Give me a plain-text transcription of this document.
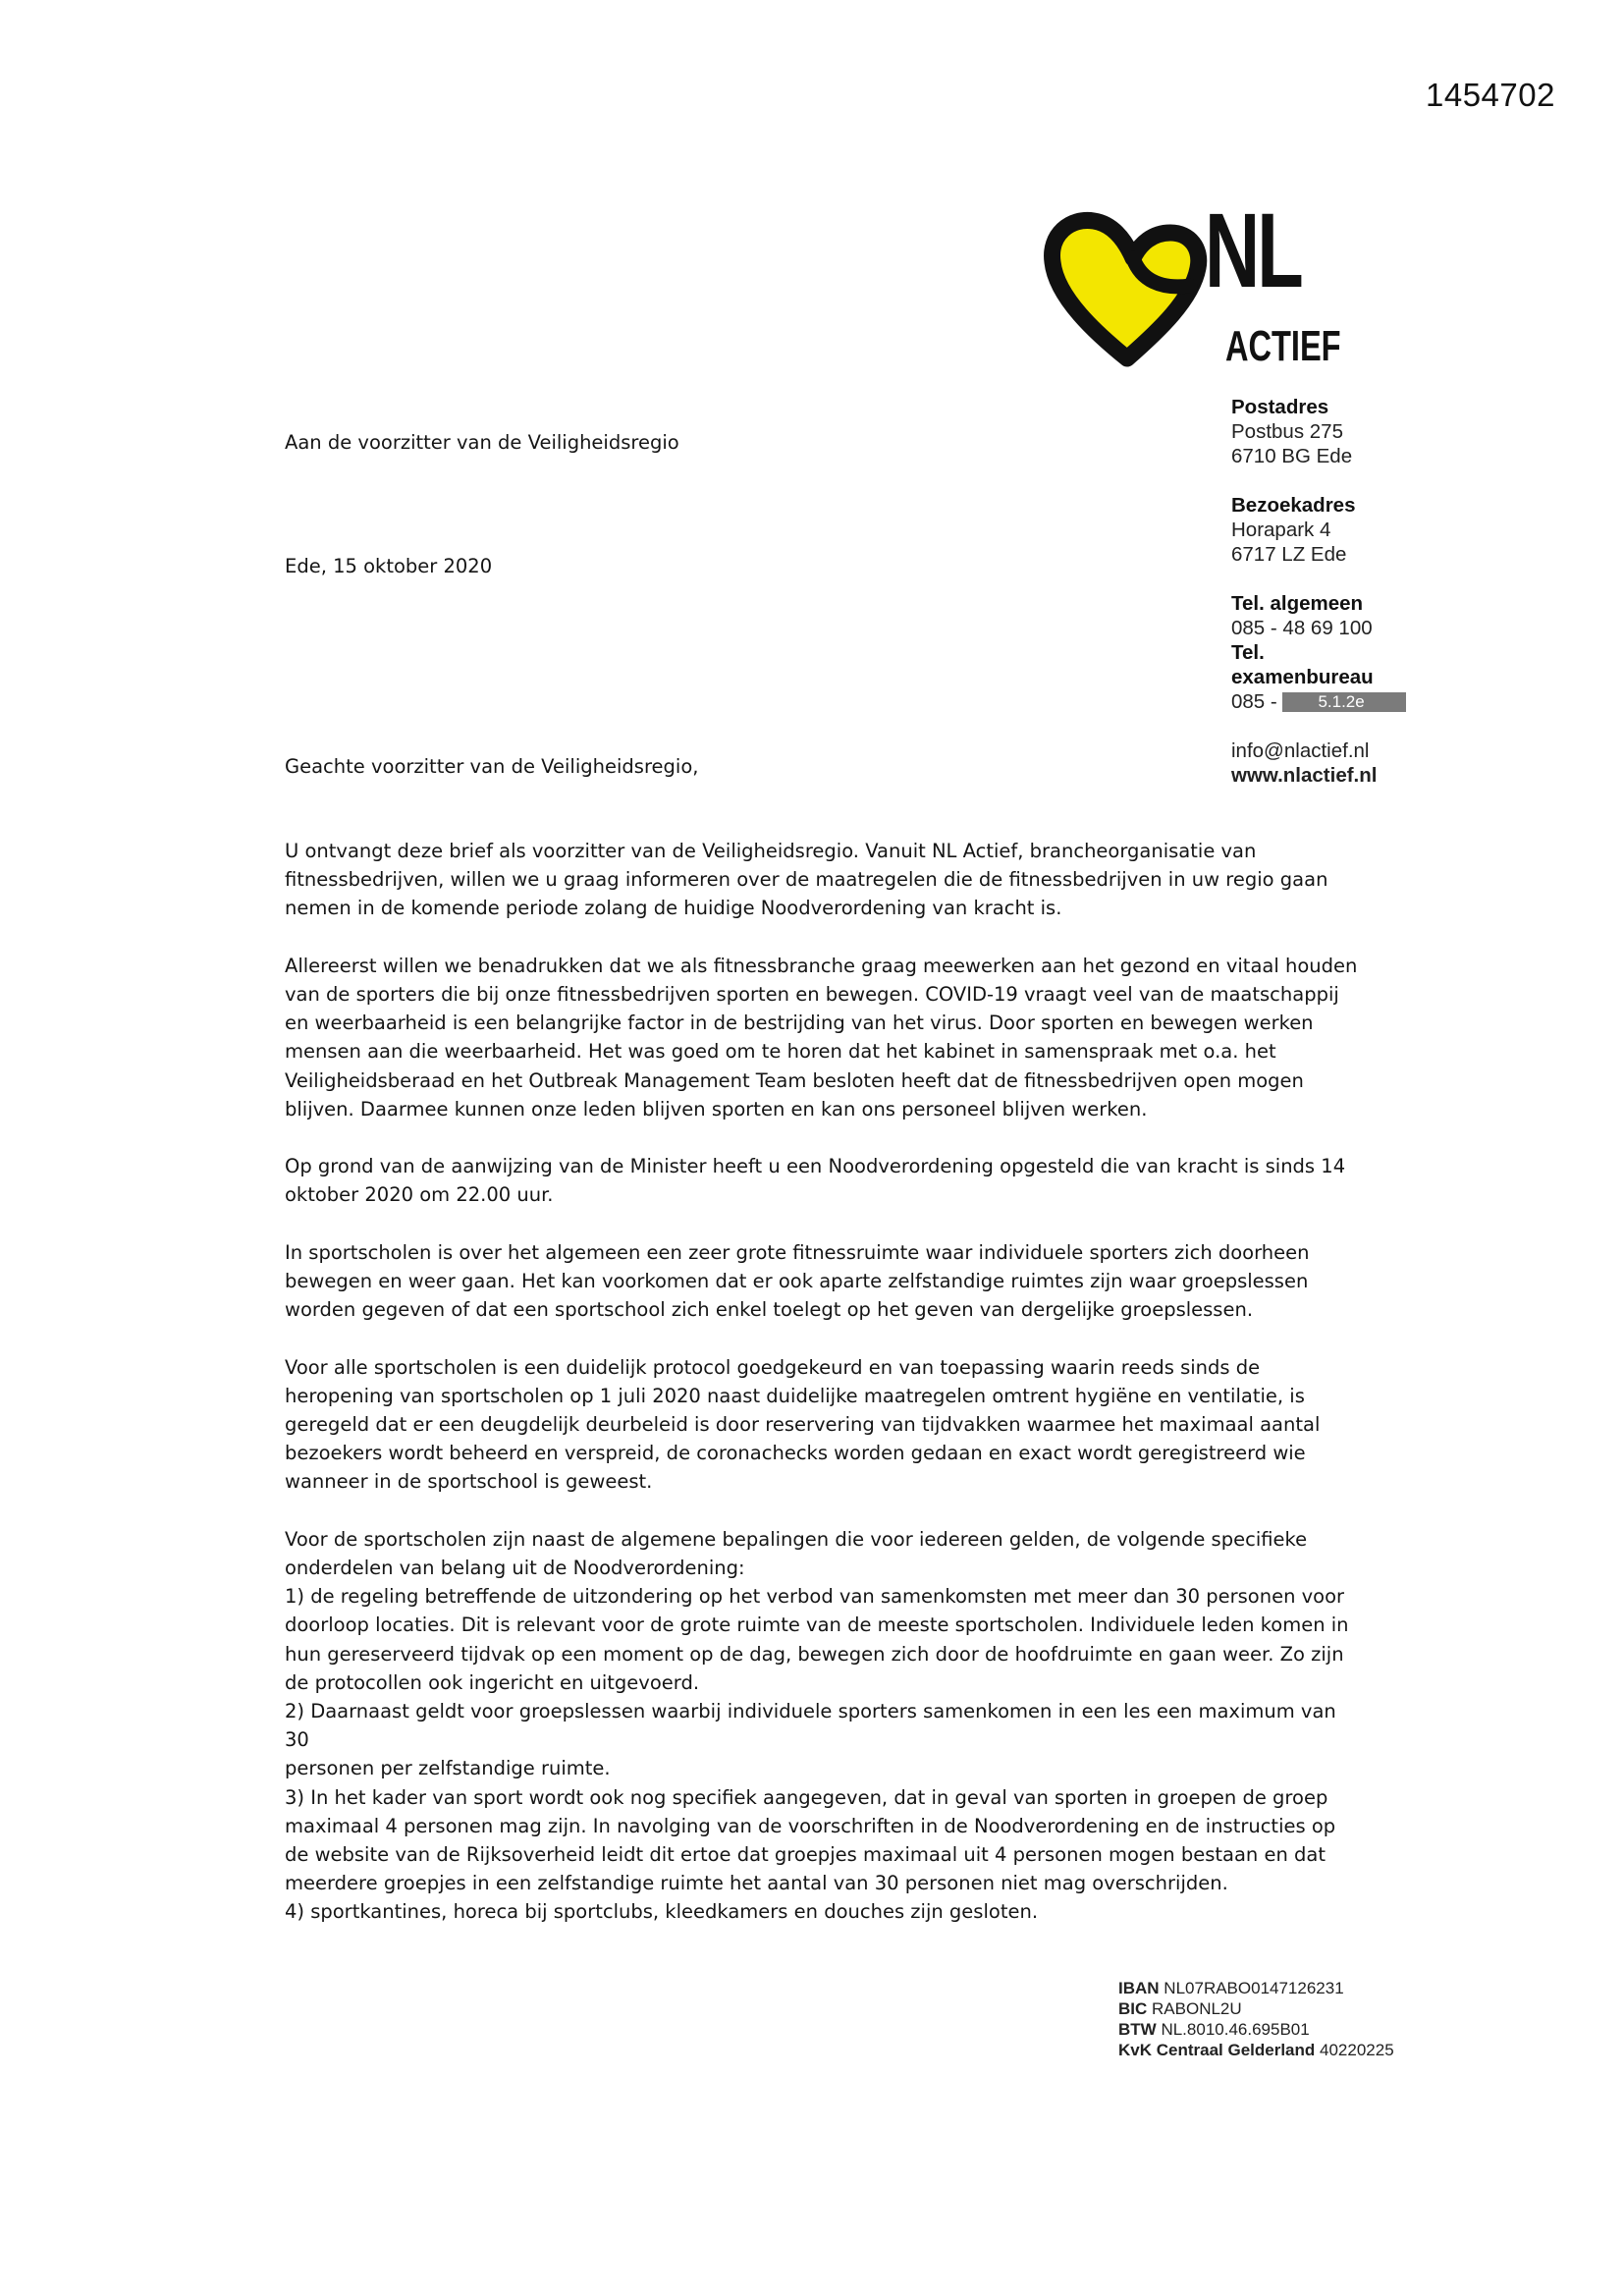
1454702
NL
ACTIEF
Postadres
Postbus 275
6710 BG Ede
Bezoekadres
Horapark 4
6717 LZ Ede
Tel. algemeen
085 - 48 69 100
Tel.
examenbureau
085 - 5.1.2e
info@nlactief.nl
www.nlactief.nl
Aan de voorzitter van de Veiligheidsregio
Ede, 15 oktober 2020
Geachte voorzitter van de Veiligheidsregio,

U ontvangt deze brief als voorzitter van de Veiligheidsregio. Vanuit NL Actief, brancheorganisatie van
fitnessbedrijven, willen we u graag informeren over de maatregelen die de fitnessbedrijven in uw regio gaan
nemen in de komende periode zolang de huidige Noodverordening van kracht is.

Allereerst willen we benadrukken dat we als fitnessbranche graag meewerken aan het gezond en vitaal houden
van de sporters die bij onze fitnessbedrijven sporten en bewegen. COVID-19 vraagt veel van de maatschappij
en weerbaarheid is een belangrijke factor in de bestrijding van het virus. Door sporten en bewegen werken
mensen aan die weerbaarheid. Het was goed om te horen dat het kabinet in samenspraak met o.a. het
Veiligheidsberaad en het Outbreak Management Team besloten heeft dat de fitnessbedrijven open mogen
blijven. Daarmee kunnen onze leden blijven sporten en kan ons personeel blijven werken.

Op grond van de aanwijzing van de Minister heeft u een Noodverordening opgesteld die van kracht is sinds 14
oktober 2020 om 22.00 uur.

In sportscholen is over het algemeen een zeer grote fitnessruimte waar individuele sporters zich doorheen
bewegen en weer gaan. Het kan voorkomen dat er ook aparte zelfstandige ruimtes zijn waar groepslessen
worden gegeven of dat een sportschool zich enkel toelegt op het geven van dergelijke groepslessen.

Voor alle sportscholen is een duidelijk protocol goedgekeurd en van toepassing waarin reeds sinds de
heropening van sportscholen op 1 juli 2020 naast duidelijke maatregelen omtrent hygiëne en ventilatie, is
geregeld dat er een deugdelijk deurbeleid is door reservering van tijdvakken waarmee het maximaal aantal
bezoekers wordt beheerd en verspreid, de coronachecks worden gedaan en exact wordt geregistreerd wie
wanneer in de sportschool is geweest.

Voor de sportscholen zijn naast de algemene bepalingen die voor iedereen gelden, de volgende specifieke
onderdelen van belang uit de Noodverordening:
1) de regeling betreffende de uitzondering op het verbod van samenkomsten met meer dan 30 personen voor
doorloop locaties. Dit is relevant voor de grote ruimte van de meeste sportscholen. Individuele leden komen in
hun gereserveerd tijdvak op een moment op de dag, bewegen zich door de hoofdruimte en gaan weer. Zo zijn
de protocollen ook ingericht en uitgevoerd.
2) Daarnaast geldt voor groepslessen waarbij individuele sporters samenkomen in een les een maximum van 30
personen per zelfstandige ruimte.
3) In het kader van sport wordt ook nog specifiek aangegeven, dat in geval van sporten in groepen de groep
maximaal 4 personen mag zijn. In navolging van de voorschriften in de Noodverordening en de instructies op
de website van de Rijksoverheid leidt dit ertoe dat groepjes maximaal uit 4 personen mogen bestaan en dat
meerdere groepjes in een zelfstandige ruimte het aantal van 30 personen niet mag overschrijden.
4) sportkantines, horeca bij sportclubs, kleedkamers en douches zijn gesloten.

IBAN NL07RABO0147126231
BIC RABONL2U
BTW NL.8010.46.695B01
KvK Centraal Gelderland 40220225
